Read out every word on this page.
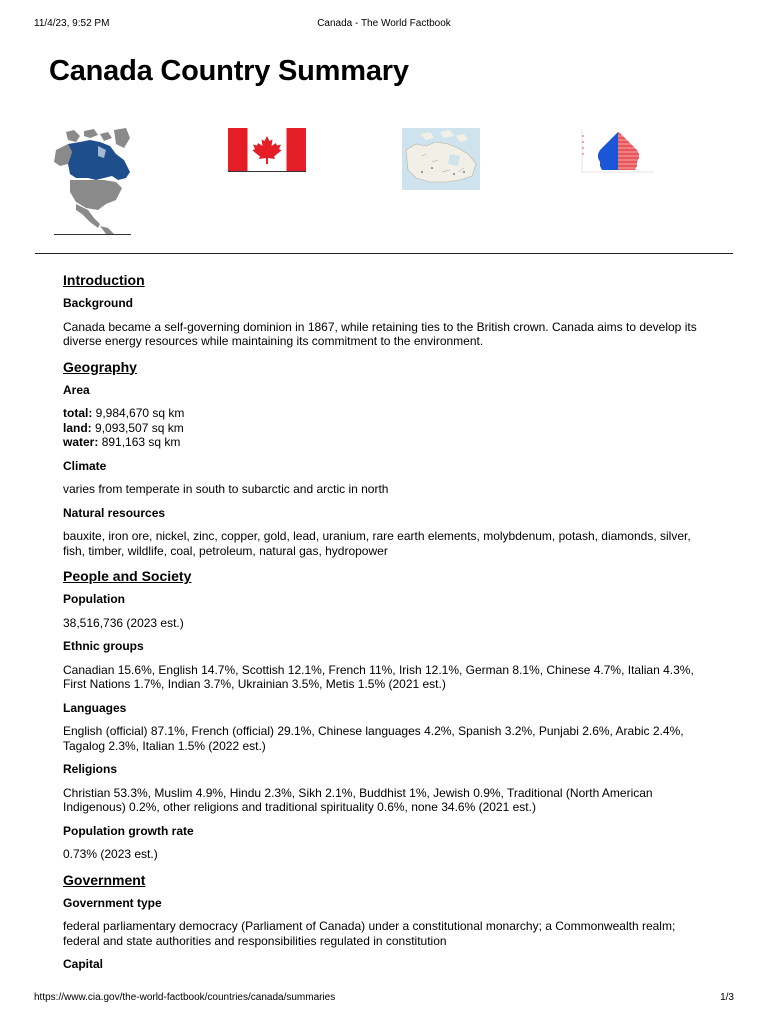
11/4/23, 9:52 PM	Canada - The World Factbook
Canada Country Summary
Introduction
Background
Canada became a self-governing dominion in 1867, while retaining ties to the British crown. Canada aims to develop its diverse energy resources while maintaining its commitment to the environment.
Geography
Area
total: 9,984,670 sq km
land: 9,093,507 sq km
water: 891,163 sq km
Climate
varies from temperate in south to subarctic and arctic in north
Natural resources
bauxite, iron ore, nickel, zinc, copper, gold, lead, uranium, rare earth elements, molybdenum, potash, diamonds, silver, fish, timber, wildlife, coal, petroleum, natural gas, hydropower
People and Society
Population
38,516,736 (2023 est.)
Ethnic groups
Canadian 15.6%, English 14.7%, Scottish 12.1%, French 11%, Irish 12.1%, German 8.1%, Chinese 4.7%, Italian 4.3%, First Nations 1.7%, Indian 3.7%, Ukrainian 3.5%, Metis 1.5% (2021 est.)
Languages
English (official) 87.1%, French (official) 29.1%, Chinese languages 4.2%, Spanish 3.2%, Punjabi 2.6%, Arabic 2.4%, Tagalog 2.3%, Italian 1.5% (2022 est.)
Religions
Christian 53.3%, Muslim 4.9%, Hindu 2.3%, Sikh 2.1%, Buddhist 1%, Jewish 0.9%, Traditional (North American Indigenous) 0.2%, other religions and traditional spirituality 0.6%, none 34.6% (2021 est.)
Population growth rate
0.73% (2023 est.)
Government
Government type
federal parliamentary democracy (Parliament of Canada) under a constitutional monarchy; a Commonwealth realm; federal and state authorities and responsibilities regulated in constitution
Capital
https://www.cia.gov/the-world-factbook/countries/canada/summaries	1/3
